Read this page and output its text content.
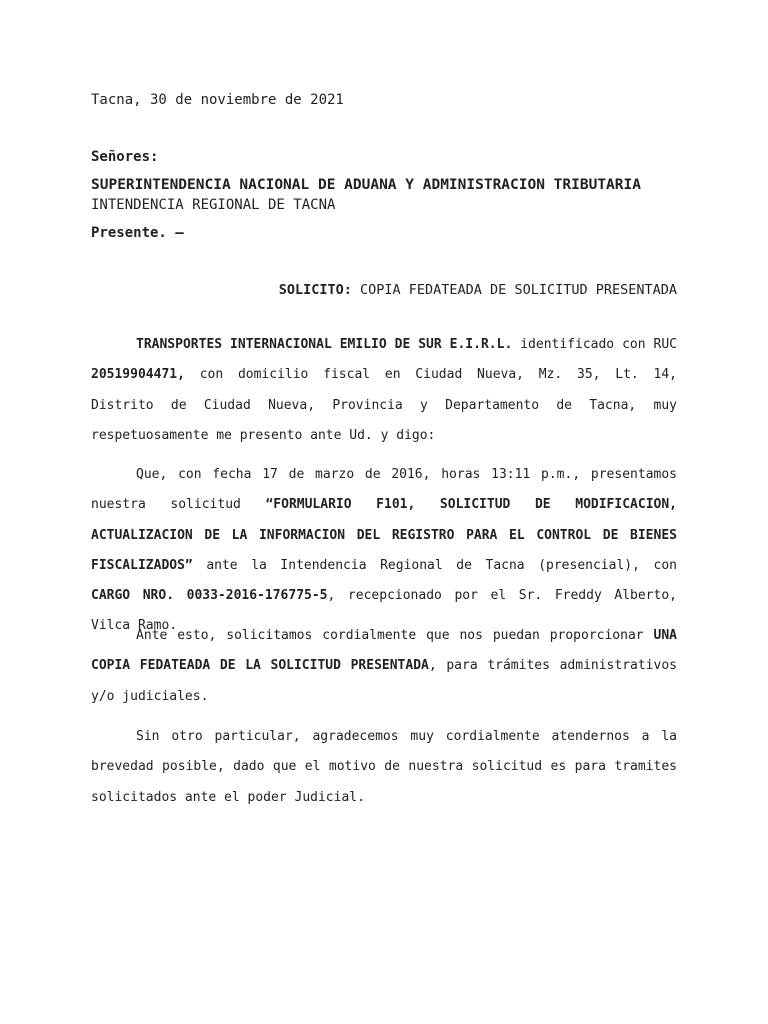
Tacna, 30 de noviembre de 2021
Señores:
SUPERINTENDENCIA NACIONAL DE ADUANA Y ADMINISTRACION TRIBUTARIA
INTENDENCIA REGIONAL DE TACNA
Presente. –
SOLICITO: COPIA FEDATEADA DE SOLICITUD PRESENTADA

TRANSPORTES INTERNACIONAL EMILIO DE SUR E.I.R.L. identificado con RUC 20519904471, con domicilio fiscal en Ciudad Nueva, Mz. 35, Lt. 14, Distrito de Ciudad Nueva, Provincia y Departamento de Tacna, muy respetuosamente me presento ante Ud. y digo:

Que, con fecha 17 de marzo de 2016, horas 13:11 p.m., presentamos nuestra solicitud “FORMULARIO F101, SOLICITUD DE MODIFICACION, ACTUALIZACION DE LA INFORMACION DEL REGISTRO PARA EL CONTROL DE BIENES FISCALIZADOS” ante la Intendencia Regional de Tacna (presencial), con CARGO NRO. 0033-2016-176775-5, recepcionado por el Sr. Freddy Alberto, Vilca Ramo.

Ante esto, solicitamos cordialmente que nos puedan proporcionar UNA COPIA FEDATEADA DE LA SOLICITUD PRESENTADA, para trámites administrativos y/o judiciales.

Sin otro particular, agradecemos muy cordialmente atendernos a la brevedad posible, dado que el motivo de nuestra solicitud es para tramites solicitados ante el poder Judicial.
